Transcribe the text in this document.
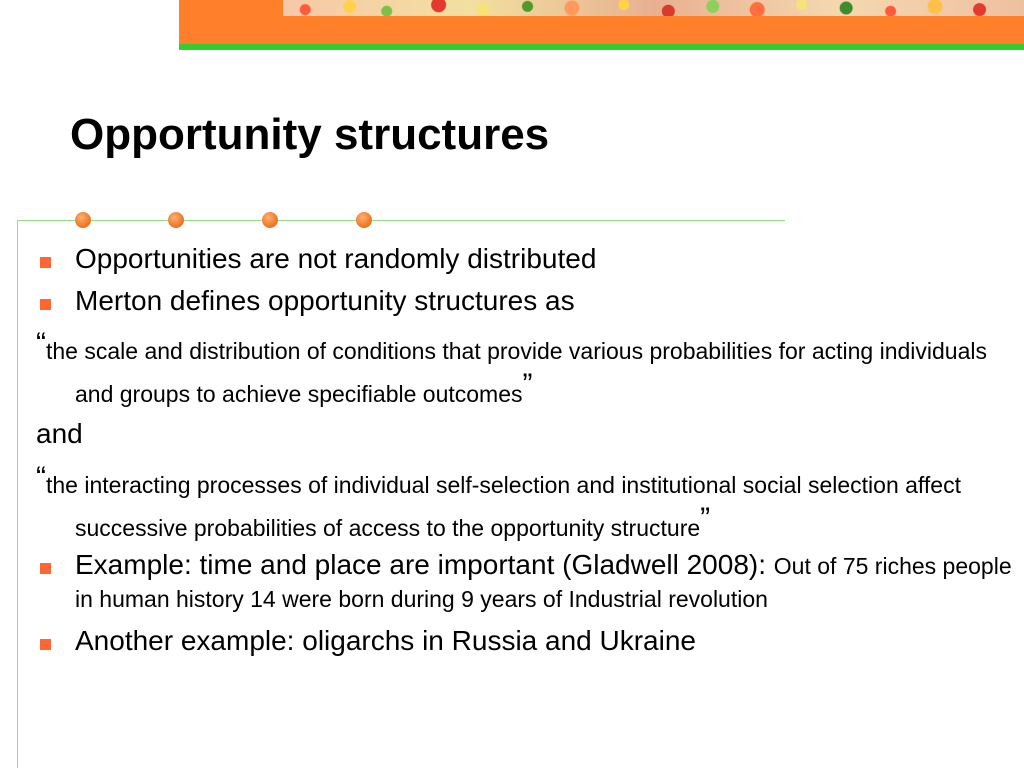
Opportunity structures
Opportunities are not randomly distributed
Merton defines opportunity structures as
“the scale and distribution of conditions that provide various probabilities for acting individuals and groups to achieve specifiable outcomes”
and
“the interacting processes of individual self-selection and institutional social selection affect successive probabilities of access to the opportunity structure”
Example: time and place are important (Gladwell 2008): Out of 75 riches people in human history 14 were born during 9 years of Industrial revolution
Another example: oligarchs in Russia and Ukraine
